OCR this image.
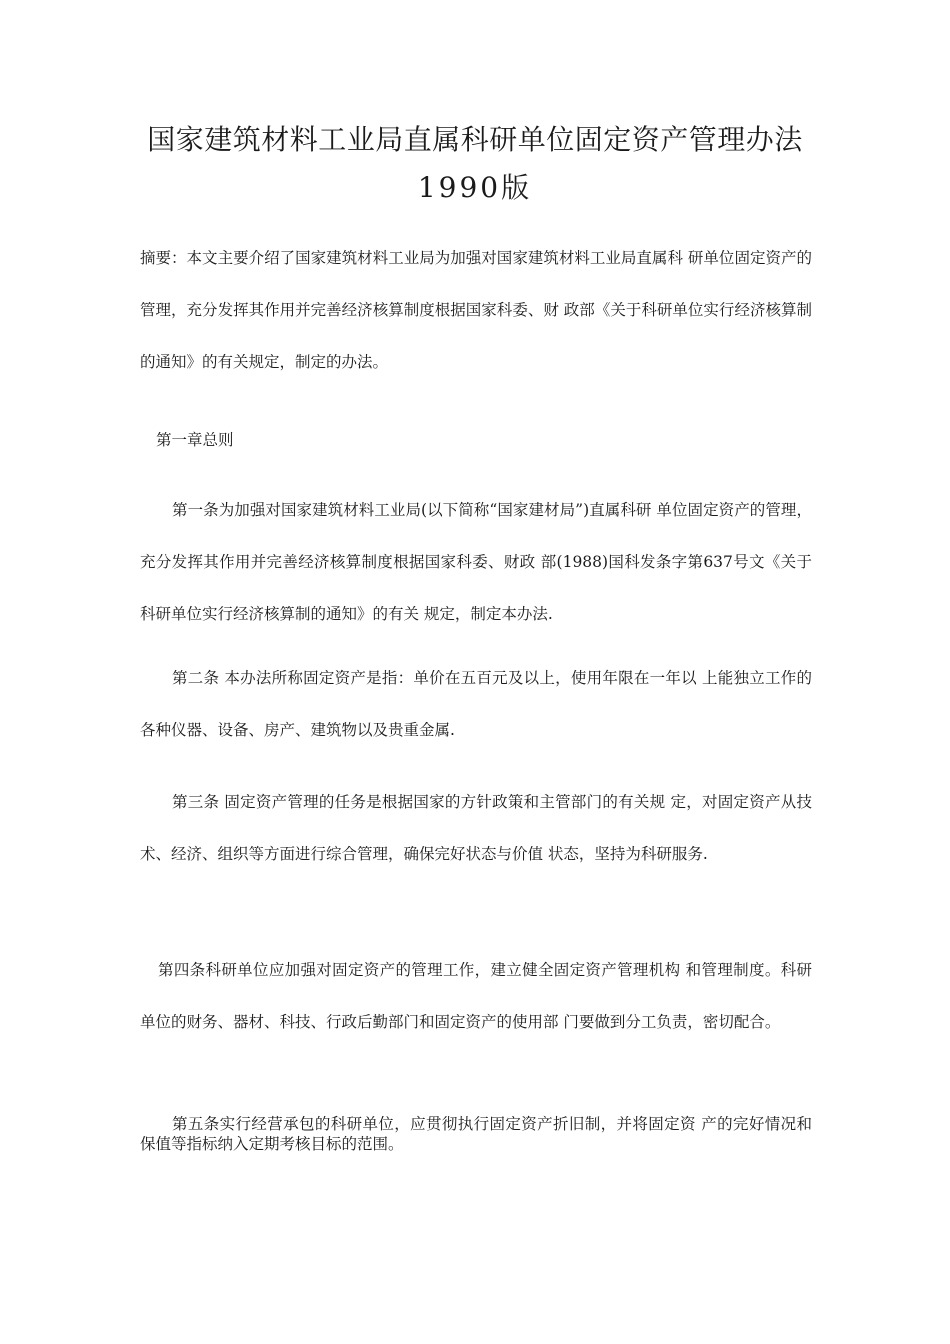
国家建筑材料工业局直属科研单位固定资产管理办法
1990版

摘要：本文主要介绍了国家建筑材料工业局为加强对国家建筑材料工业局直属科 研单位固定资产的管理，充分发挥其作用并完善经济核算制度根据国家科委、财 政部《关于科研单位实行经济核算制的通知》的有关规定，制定的办法。

第一章总则

第一条为加强对国家建筑材料工业局(以下简称“国家建材局”)直属科研 单位固定资产的管理，充分发挥其作用并完善经济核算制度根据国家科委、财政 部(1988)国科发条字第637号文《关于科研单位实行经济核算制的通知》的有关 规定，制定本办法.

第二条 本办法所称固定资产是指：单价在五百元及以上，使用年限在一年以 上能独立工作的各种仪器、设备、房产、建筑物以及贵重金属.

第三条 固定资产管理的任务是根据国家的方针政策和主管部门的有关规 定，对固定资产从技术、经济、组织等方面进行综合管理，确保完好状态与价值 状态，坚持为科研服务.

第四条科研单位应加强对固定资产的管理工作，建立健全固定资产管理机构 和管理制度。科研单位的财务、器材、科技、行政后勤部门和固定资产的使用部 门要做到分工负责，密切配合。

第五条实行经营承包的科研单位，应贯彻执行固定资产折旧制，并将固定资 产的完好情况和保值等指标纳入定期考核目标的范围。
